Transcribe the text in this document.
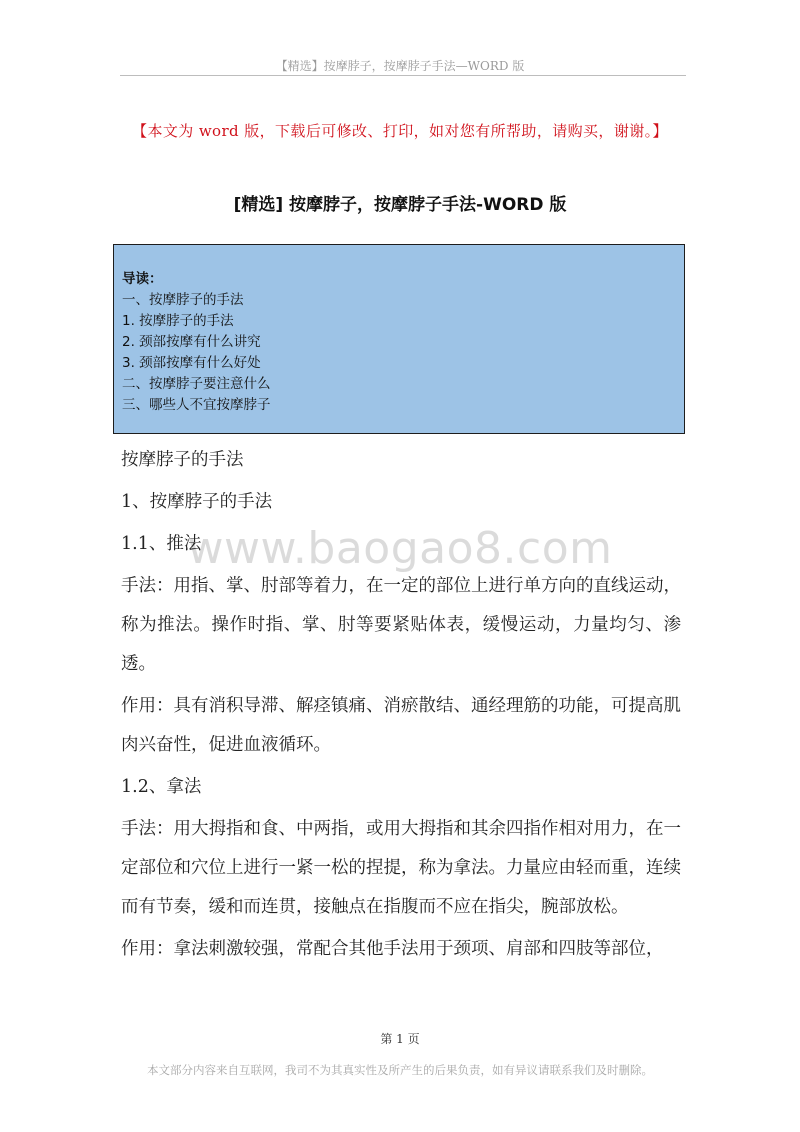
【精选】按摩脖子，按摩脖子手法—WORD 版
【本文为 word 版，下载后可修改、打印，如对您有所帮助，请购买，谢谢。】
[精选] 按摩脖子，按摩脖子手法-WORD 版
导读：
一、按摩脖子的手法
1. 按摩脖子的手法
2. 颈部按摩有什么讲究
3. 颈部按摩有什么好处
二、按摩脖子要注意什么
三、哪些人不宜按摩脖子
www.baogao8.com

按摩脖子的手法

1、按摩脖子的手法

1.1、推法

手法：用指、掌、肘部等着力，在一定的部位上进行单方向的直线运动，称为推法。操作时指、掌、肘等要紧贴体表，缓慢运动，力量均匀、渗透。

作用：具有消积导滞、解痉镇痛、消瘀散结、通经理筋的功能，可提高肌肉兴奋性，促进血液循环。

1.2、拿法

手法：用大拇指和食、中两指，或用大拇指和其余四指作相对用力，在一定部位和穴位上进行一紧一松的捏提，称为拿法。力量应由轻而重，连续而有节奏，缓和而连贯，接触点在指腹而不应在指尖，腕部放松。

作用：拿法刺激较强，常配合其他手法用于颈项、肩部和四肢等部位，

第 1 页
本文部分内容来自互联网，我司不为其真实性及所产生的后果负责，如有异议请联系我们及时删除。
